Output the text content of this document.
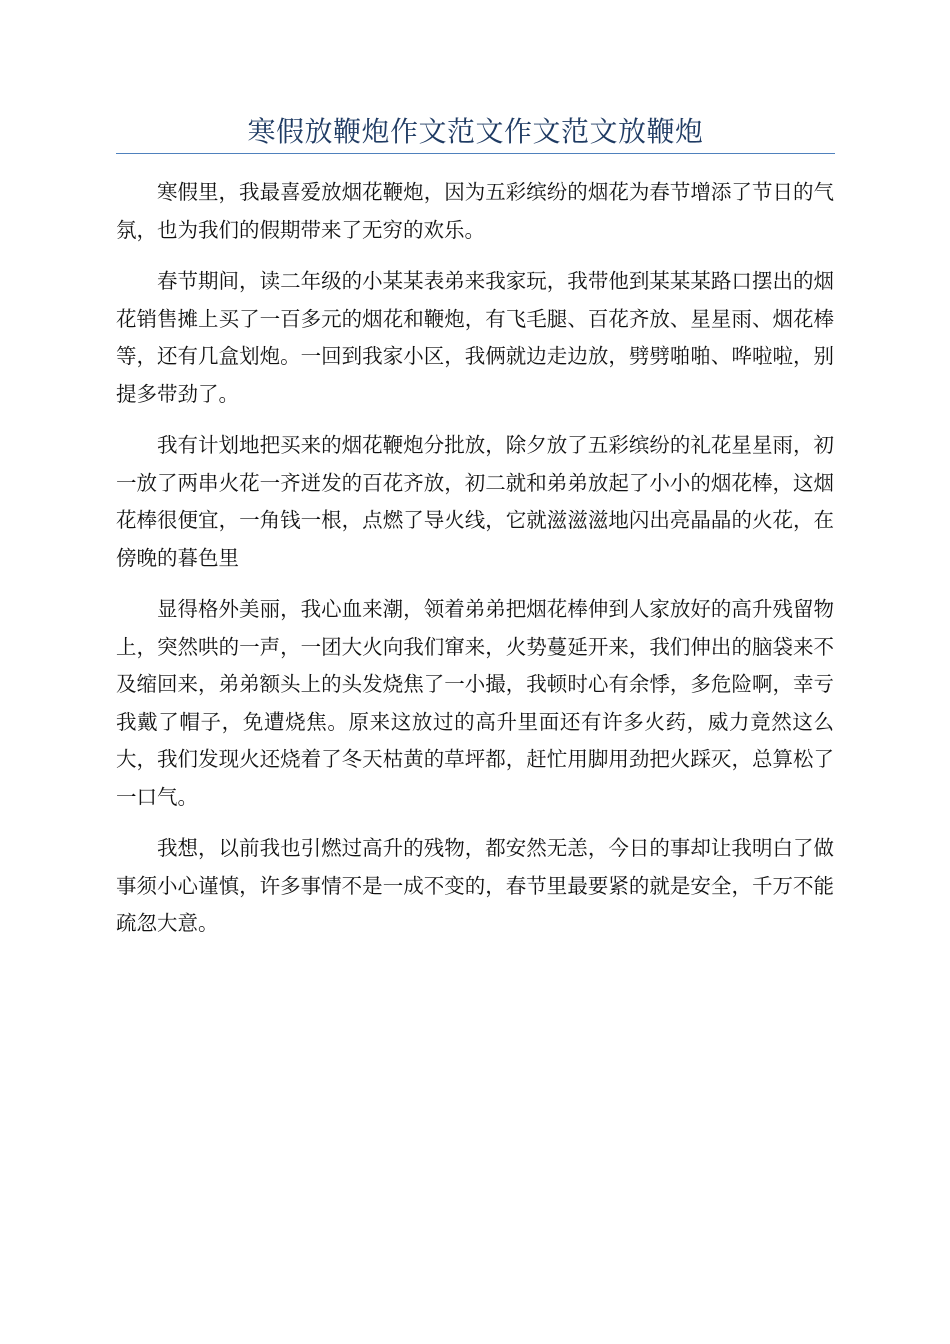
寒假放鞭炮作文范文作文范文放鞭炮

寒假里，我最喜爱放烟花鞭炮，因为五彩缤纷的烟花为春节增添了节日的气氛，也为我们的假期带来了无穷的欢乐。

春节期间，读二年级的小某某表弟来我家玩，我带他到某某某路口摆出的烟花销售摊上买了一百多元的烟花和鞭炮，有飞毛腿、百花齐放、星星雨、烟花棒等，还有几盒划炮。一回到我家小区，我俩就边走边放，劈劈啪啪、哗啦啦，别提多带劲了。

我有计划地把买来的烟花鞭炮分批放，除夕放了五彩缤纷的礼花星星雨，初一放了两串火花一齐迸发的百花齐放，初二就和弟弟放起了小小的烟花棒，这烟花棒很便宜，一角钱一根，点燃了导火线，它就滋滋滋地闪出亮晶晶的火花，在傍晚的暮色里

显得格外美丽，我心血来潮，领着弟弟把烟花棒伸到人家放好的高升残留物上，突然哄的一声，一团大火向我们窜来，火势蔓延开来，我们伸出的脑袋来不及缩回来，弟弟额头上的头发烧焦了一小撮，我顿时心有余悸，多危险啊，幸亏我戴了帽子，免遭烧焦。原来这放过的高升里面还有许多火药，威力竟然这么大，我们发现火还烧着了冬天枯黄的草坪都，赶忙用脚用劲把火踩灭，总算松了一口气。

我想，以前我也引燃过高升的残物，都安然无恙，今日的事却让我明白了做事须小心谨慎，许多事情不是一成不变的，春节里最要紧的就是安全，千万不能疏忽大意。
